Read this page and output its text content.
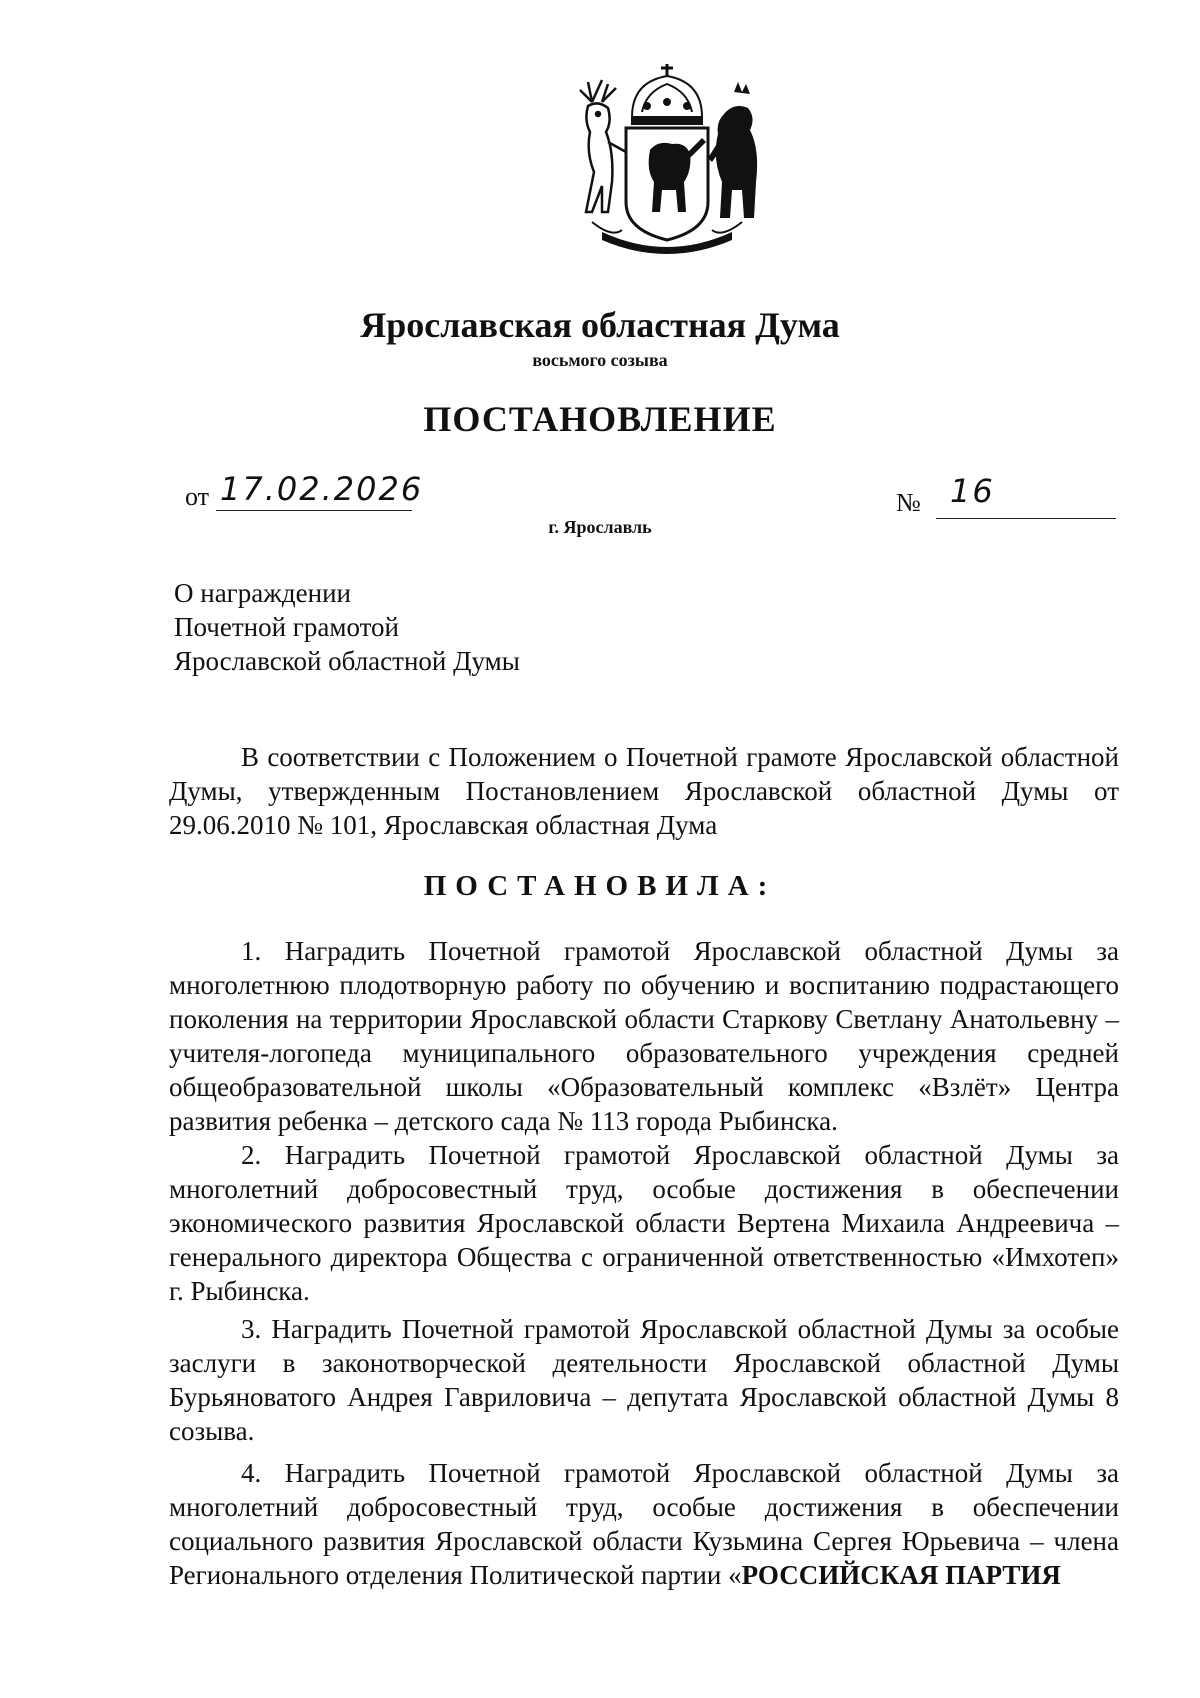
Ярославская областная Дума
восьмого созыва
ПОСТАНОВЛЕНИЕ
от 17.02.2026	№ 16
г. Ярославль
О награждении
Почетной грамотой
Ярославской областной Думы
В соответствии с Положением о Почетной грамоте Ярославской областной Думы, утвержденным Постановлением Ярославской областной Думы от 29.06.2010 № 101, Ярославская областная Дума
ПОСТАНОВИЛА:

1. Наградить Почетной грамотой Ярославской областной Думы за многолетнюю плодотворную работу по обучению и воспитанию подрастающего поколения на территории Ярославской области Старкову Светлану Анатольевну – учителя-логопеда муниципального образовательного учреждения средней общеобразовательной школы «Образовательный комплекс «Взлёт» Центра развития ребенка – детского сада № 113 города Рыбинска.

2. Наградить Почетной грамотой Ярославской областной Думы за многолетний добросовестный труд, особые достижения в обеспечении экономического развития Ярославской области Вертена Михаила Андреевича – генерального директора Общества с ограниченной ответственностью «Имхотеп» г. Рыбинска.

3. Наградить Почетной грамотой Ярославской областной Думы за особые заслуги в законотворческой деятельности Ярославской областной Думы Бурьяноватого Андрея Гавриловича – депутата Ярославской областной Думы 8 созыва.

4. Наградить Почетной грамотой Ярославской областной Думы за многолетний добросовестный труд, особые достижения в обеспечении социального развития Ярославской области Кузьмина Сергея Юрьевича – члена Регионального отделения Политической партии «РОССИЙСКАЯ ПАРТИЯ
